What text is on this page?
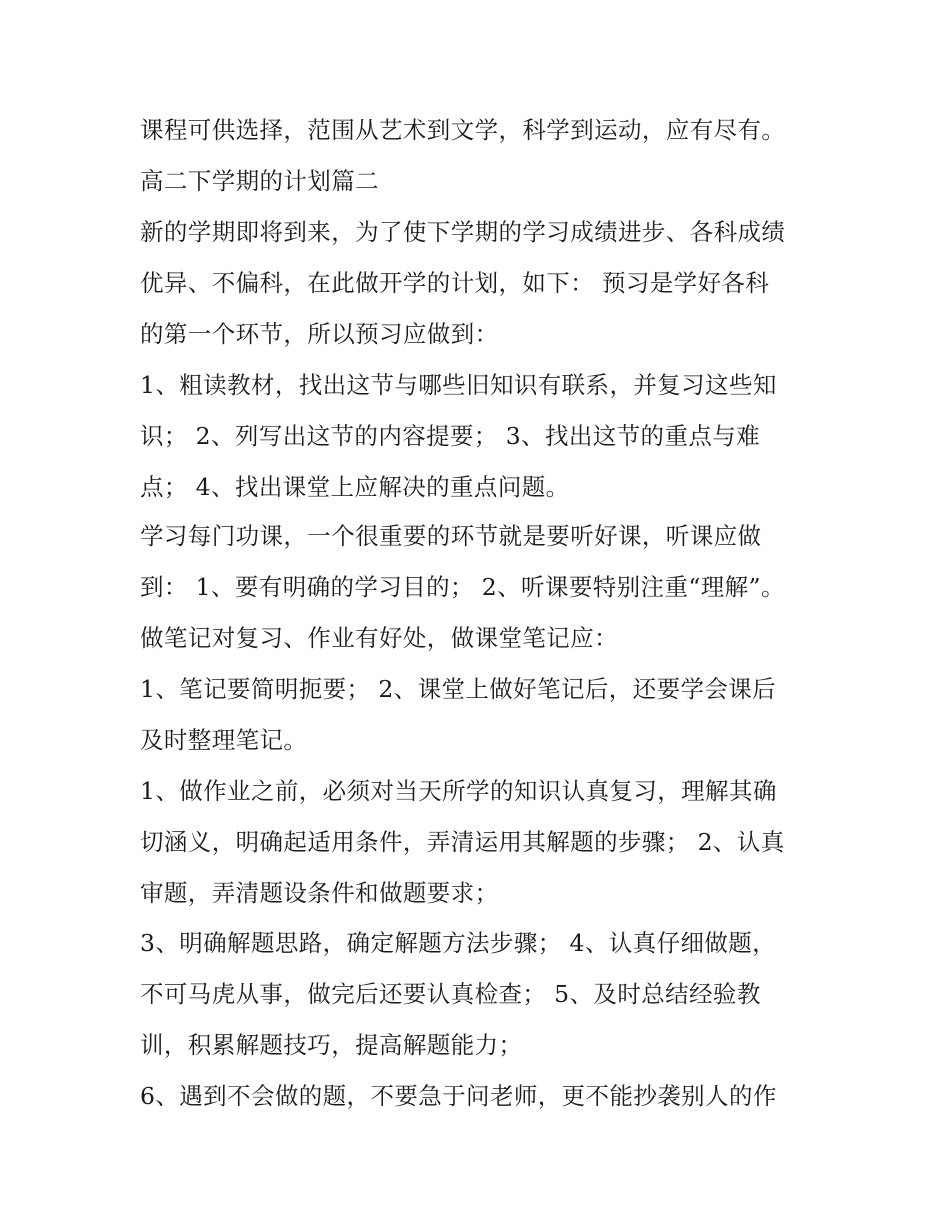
课程可供选择，范围从艺术到文学，科学到运动，应有尽有。

高二下学期的计划篇二

新的学期即将到来，为了使下学期的学习成绩进步、各科成绩

优异、不偏科，在此做开学的计划，如下： 预习是学好各科

的第一个环节，所以预习应做到：

1、粗读教材，找出这节与哪些旧知识有联系，并复习这些知

识； 2、列写出这节的内容提要； 3、找出这节的重点与难

点； 4、找出课堂上应解决的重点问题。

学习每门功课，一个很重要的环节就是要听好课，听课应做

到： 1、要有明确的学习目的； 2、听课要特别注重“理解”。

做笔记对复习、作业有好处，做课堂笔记应：

1、笔记要简明扼要； 2、课堂上做好笔记后，还要学会课后

及时整理笔记。

1、做作业之前，必须对当天所学的知识认真复习，理解其确

切涵义，明确起适用条件，弄清运用其解题的步骤； 2、认真

审题，弄清题设条件和做题要求；

3、明确解题思路，确定解题方法步骤； 4、认真仔细做题，

不可马虎从事，做完后还要认真检查； 5、及时总结经验教

训，积累解题技巧，提高解题能力；

6、遇到不会做的题，不要急于问老师，更不能抄袭别人的作
